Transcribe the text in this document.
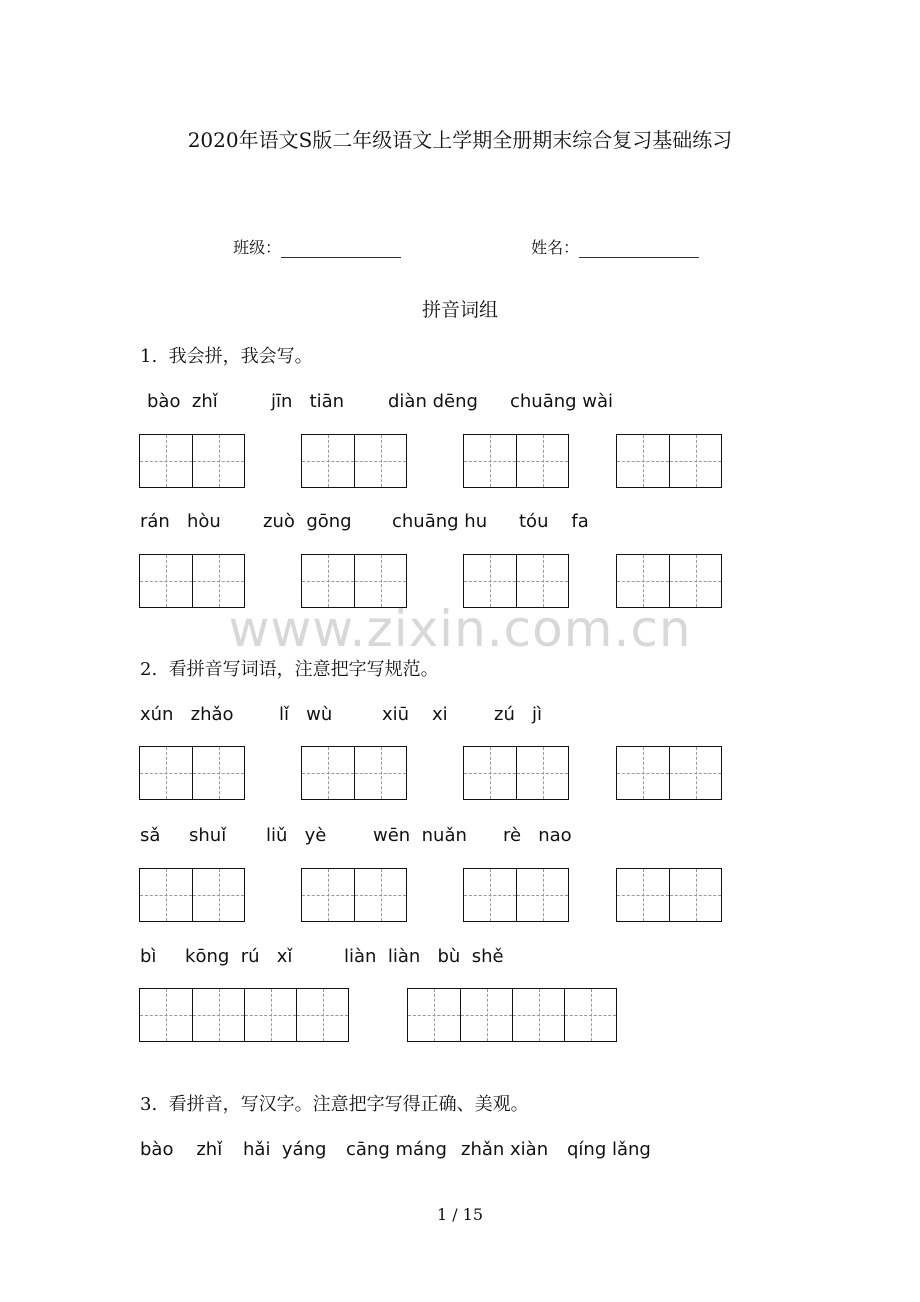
2020年语文S版二年级语文上学期全册期末综合复习基础练习

班级：	姓名：

拼音词组
1.  我会拼，我会写。
bào  zhǐ	jīn   tiān diàn dēng chuāng wài
rán   hòu zuò  gōng chuāng hu tóu    fa
www.zixin.com.cn
2.  看拼音写词语，注意把字写规范。
xún   zhǎo	lǐ   wù	xiū    xi	zú   jì
sǎ     shuǐ liǔ   yè	wēn  nuǎn rè   nao
bì     kōng  rú   xǐ	liàn  liàn   bù  shě
3.  看拼音，写汉字。注意把字写得正确、美观。
bào    zhǐ hǎi  yáng cāng máng zhǎn xiàn qíng lǎng
1 / 15
